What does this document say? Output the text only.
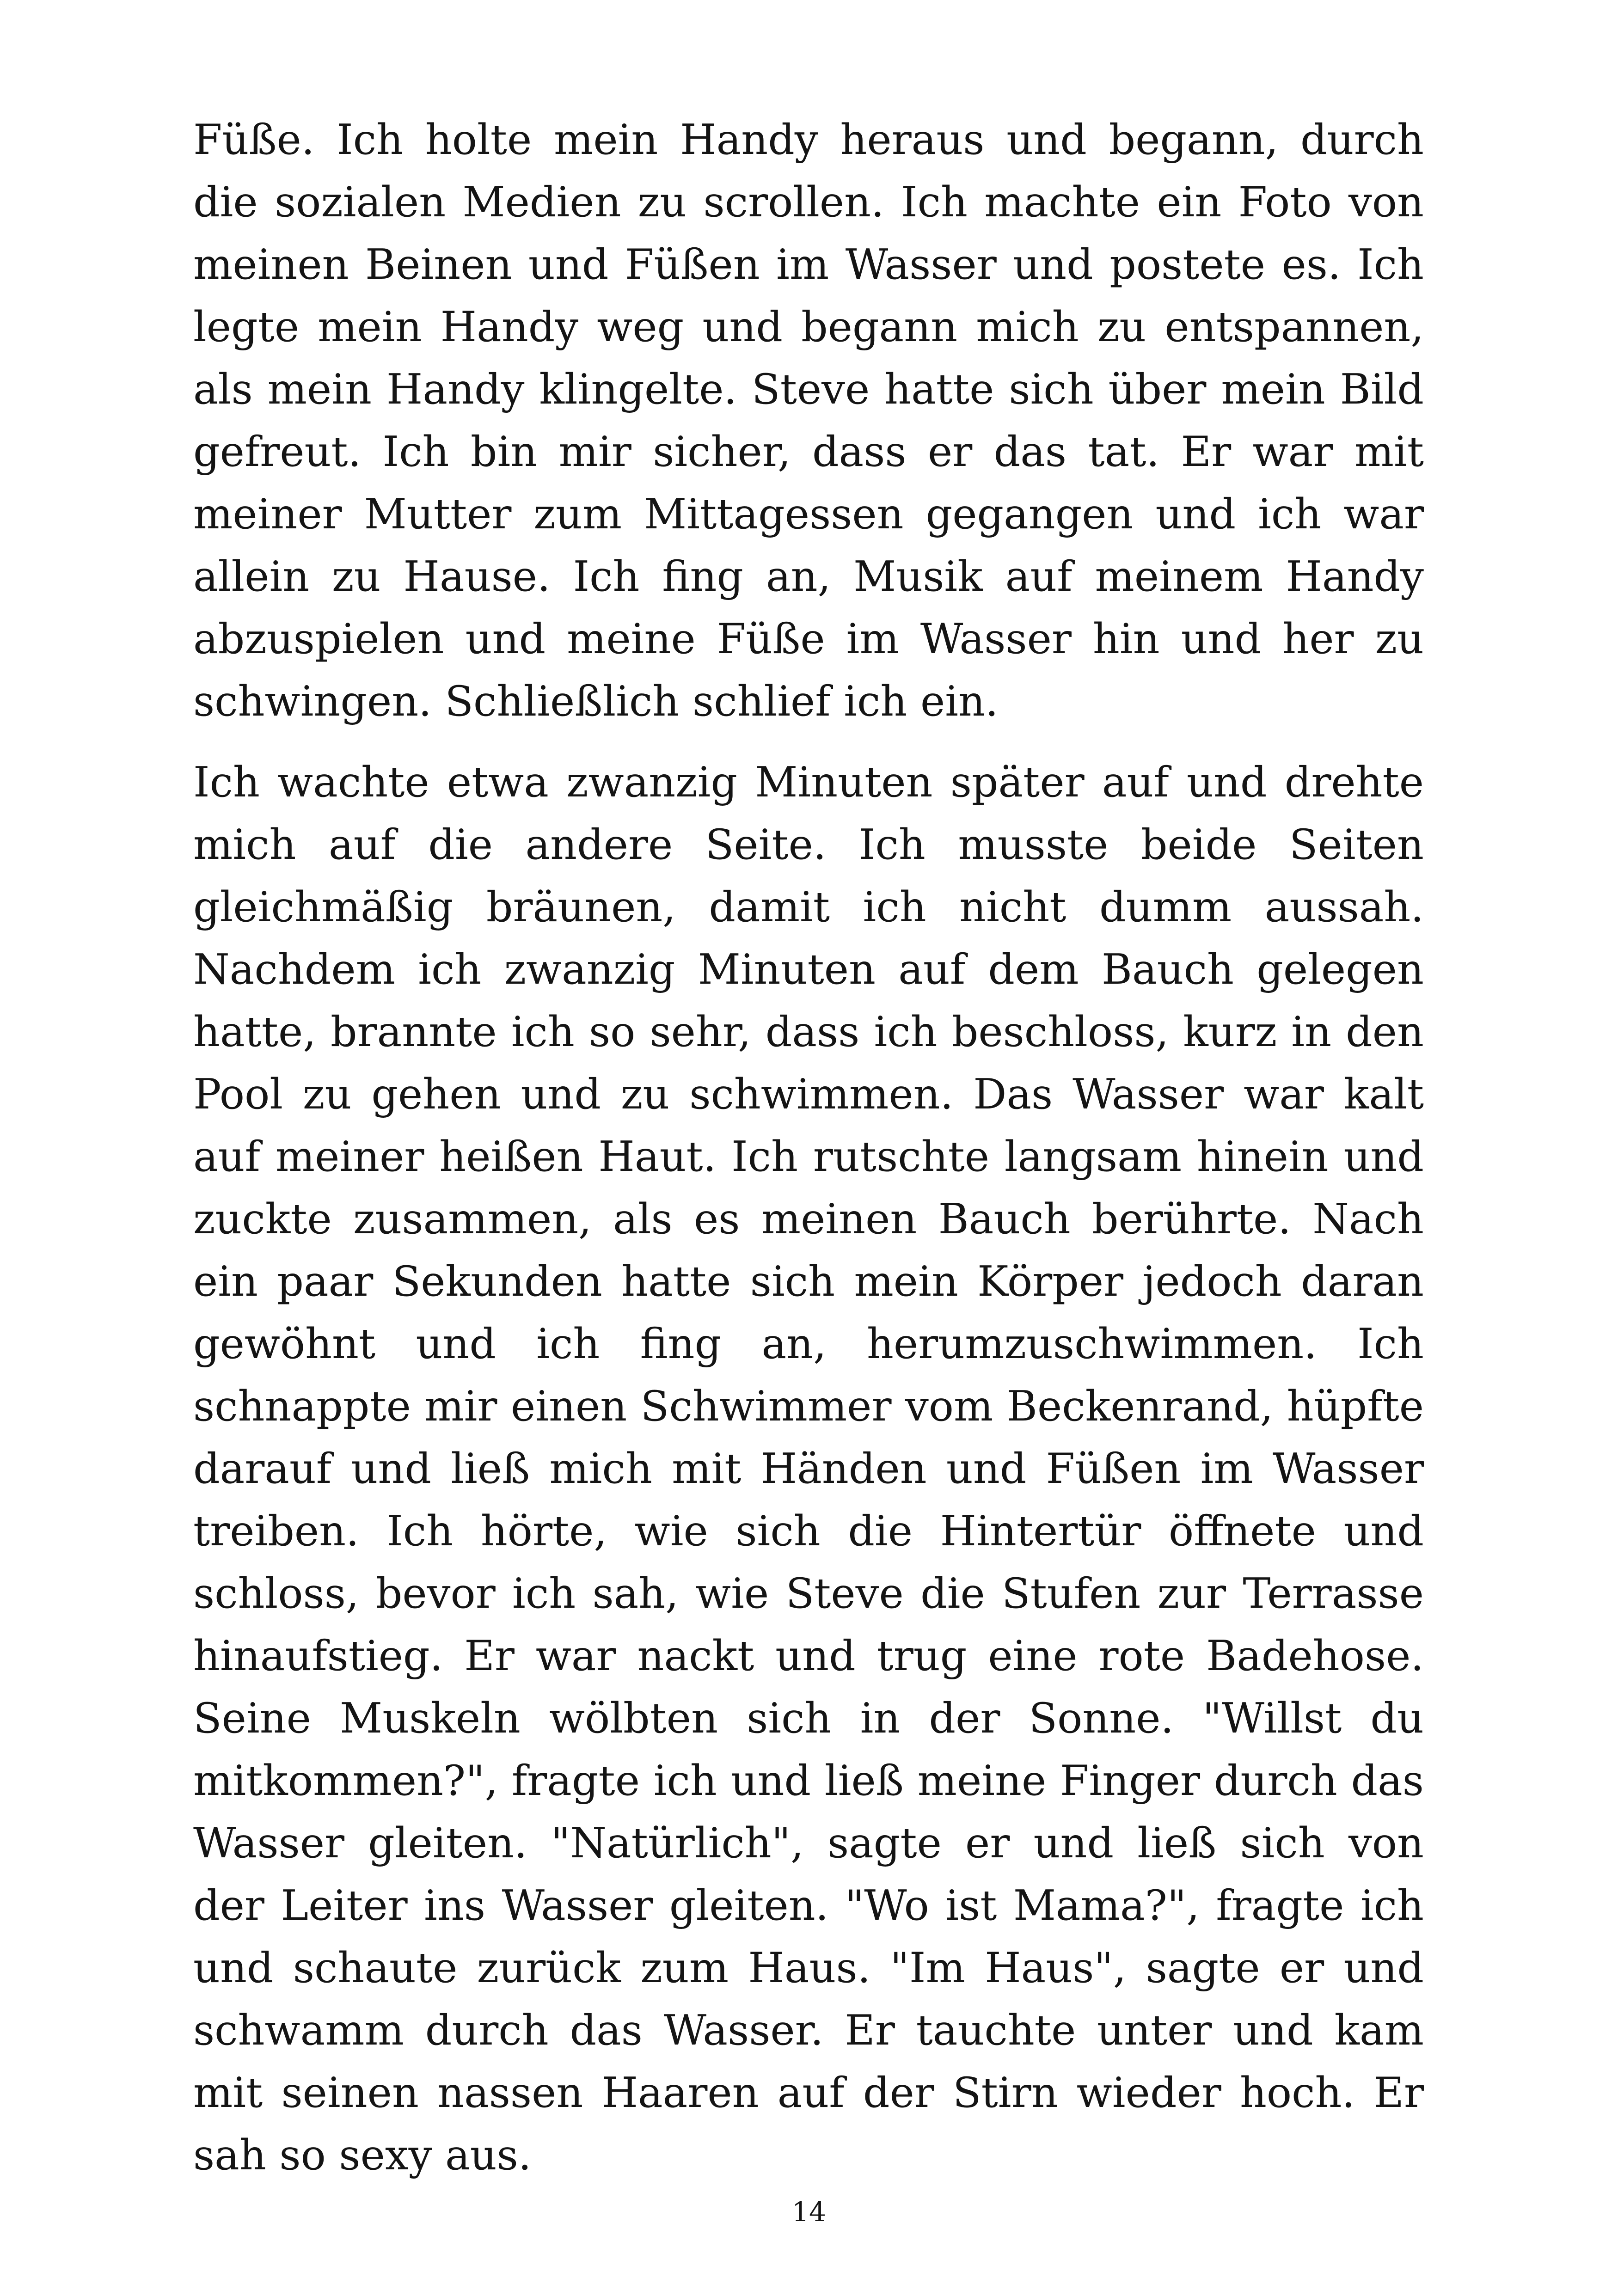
Füße. Ich holte mein Handy heraus und begann, durch die sozialen Medien zu scrollen. Ich machte ein Foto von meinen Beinen und Füßen im Wasser und postete es. Ich legte mein Handy weg und begann mich zu entspannen, als mein Handy klingelte. Steve hatte sich über mein Bild gefreut. Ich bin mir sicher, dass er das tat. Er war mit meiner Mutter zum Mittagessen gegangen und ich war allein zu Hause. Ich fing an, Musik auf meinem Handy abzuspielen und meine Füße im Wasser hin und her zu schwingen. Schließlich schlief ich ein.

Ich wachte etwa zwanzig Minuten später auf und drehte mich auf die andere Seite. Ich musste beide Seiten gleichmäßig bräunen, damit ich nicht dumm aussah. Nachdem ich zwanzig Minuten auf dem Bauch gelegen hatte, brannte ich so sehr, dass ich beschloss, kurz in den Pool zu gehen und zu schwimmen. Das Wasser war kalt auf meiner heißen Haut. Ich rutschte langsam hinein und zuckte zusammen, als es meinen Bauch berührte. Nach ein paar Sekunden hatte sich mein Körper jedoch daran gewöhnt und ich fing an, herumzuschwimmen. Ich schnappte mir einen Schwimmer vom Beckenrand, hüpfte darauf und ließ mich mit Händen und Füßen im Wasser treiben. Ich hörte, wie sich die Hintertür öffnete und schloss, bevor ich sah, wie Steve die Stufen zur Terrasse hinaufstieg. Er war nackt und trug eine rote Badehose. Seine Muskeln wölbten sich in der Sonne. "Willst du mitkommen?", fragte ich und ließ meine Finger durch das Wasser gleiten. "Natürlich", sagte er und ließ sich von der Leiter ins Wasser gleiten. "Wo ist Mama?", fragte ich und schaute zurück zum Haus. "Im Haus", sagte er und schwamm durch das Wasser. Er tauchte unter und kam mit seinen nassen Haaren auf der Stirn wieder hoch. Er sah so sexy aus.

14
